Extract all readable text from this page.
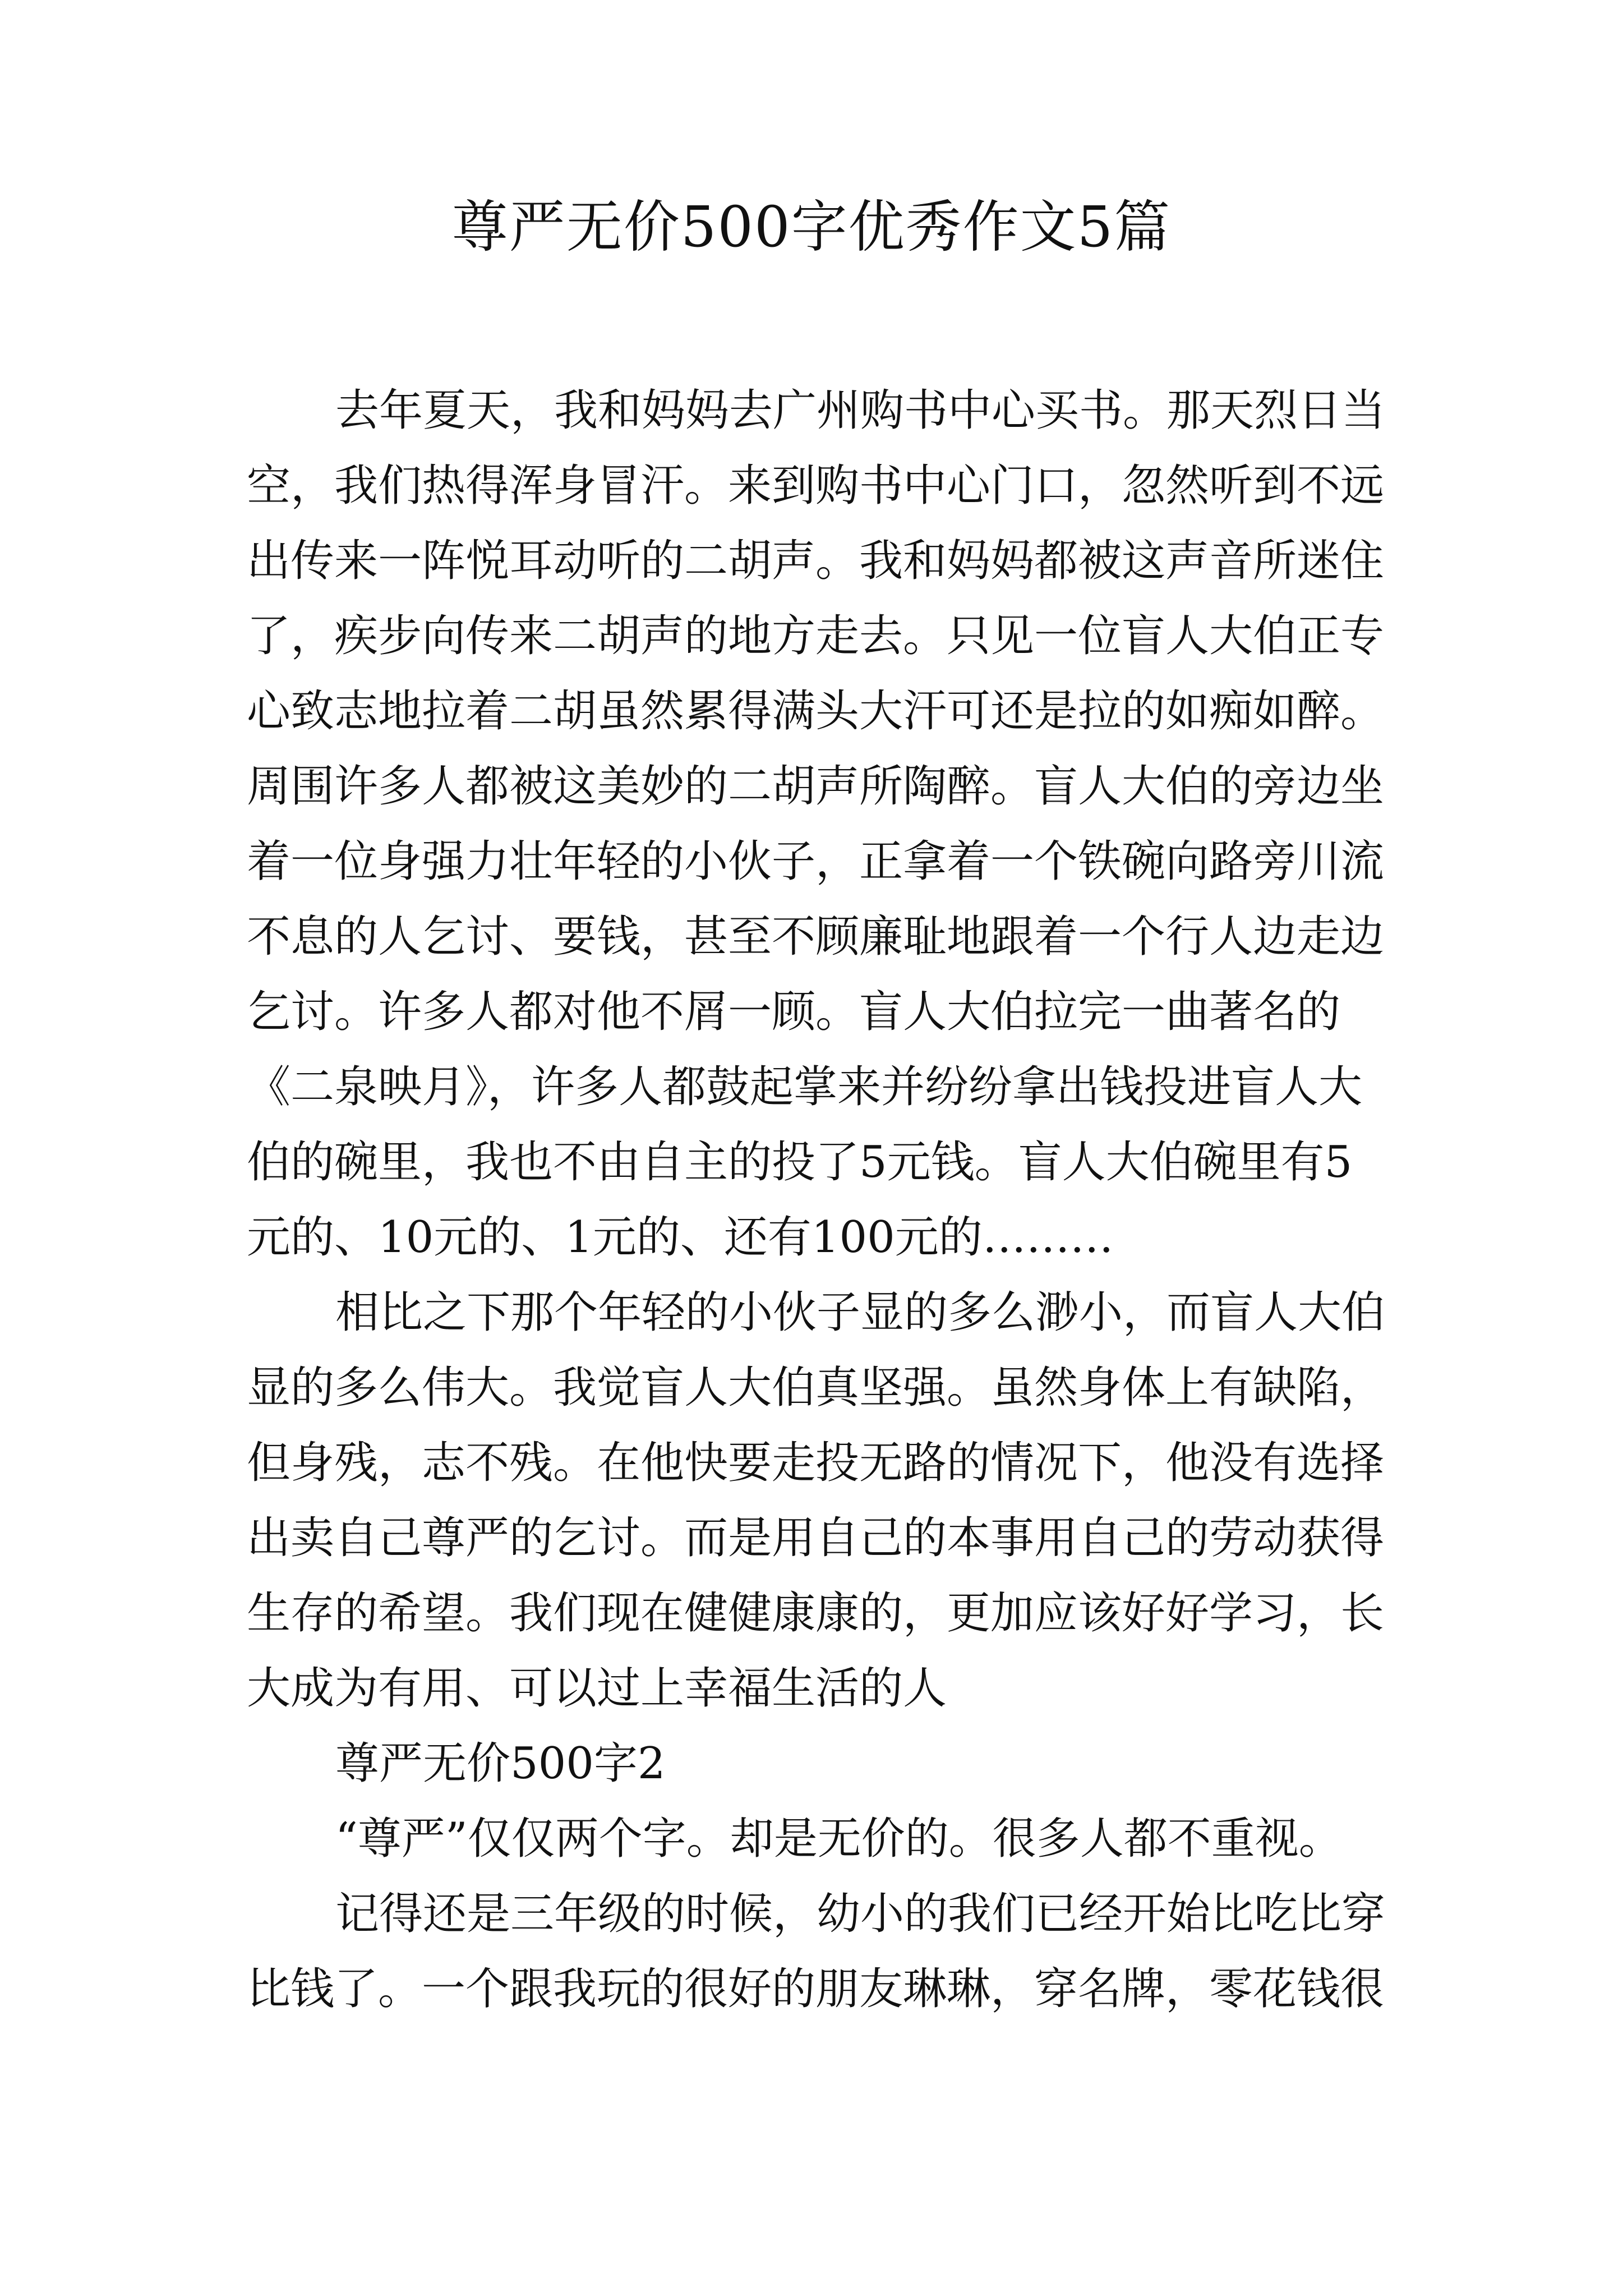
尊严无价500字优秀作文5篇
去年夏天，我和妈妈去广州购书中心买书。那天烈日当
空，我们热得浑身冒汗。来到购书中心门口，忽然听到不远
出传来一阵悦耳动听的二胡声。我和妈妈都被这声音所迷住
了，疾步向传来二胡声的地方走去。只见一位盲人大伯正专
心致志地拉着二胡虽然累得满头大汗可还是拉的如痴如醉。
周围许多人都被这美妙的二胡声所陶醉。盲人大伯的旁边坐
着一位身强力壮年轻的小伙子，正拿着一个铁碗向路旁川流
不息的人乞讨、要钱，甚至不顾廉耻地跟着一个行人边走边
乞讨。许多人都对他不屑一顾。盲人大伯拉完一曲著名的
《二泉映月》，许多人都鼓起掌来并纷纷拿出钱投进盲人大
伯的碗里，我也不由自主的投了5元钱。盲人大伯碗里有5
元的、10元的、1元的、还有100元的………
相比之下那个年轻的小伙子显的多么渺小，而盲人大伯
显的多么伟大。我觉盲人大伯真坚强。虽然身体上有缺陷，
但身残，志不残。在他快要走投无路的情况下，他没有选择
出卖自己尊严的乞讨。而是用自己的本事用自己的劳动获得
生存的希望。我们现在健健康康的，更加应该好好学习，长
大成为有用、可以过上幸福生活的人
尊严无价500字2
“尊严”仅仅两个字。却是无价的。很多人都不重视。
记得还是三年级的时候，幼小的我们已经开始比吃比穿
比钱了。一个跟我玩的很好的朋友琳琳，穿名牌，零花钱很
